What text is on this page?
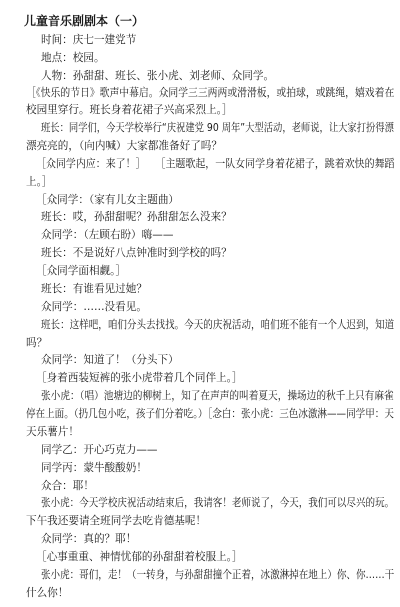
儿童音乐剧剧本（一）
时间：庆七一建党节
地点：校园。
人物：孙甜甜、班长、张小虎、刘老师、众同学。
［《快乐的节日》歌声中幕启。众同学三三两两或滑滑板，或拍球，或跳绳，嬉戏着在
校园里穿行。班长身着花裙子兴高采烈上。］
班长：同学们，今天学校举行“庆祝建党 90 周年”大型活动，老师说，让大家打扮得漂
漂亮亮的，（向内喊）大家都准备好了吗？
［众同学内应：来了！］　　［主题歌起，一队女同学身着花裙子，跳着欢快的舞蹈
上。］
［众同学：（家有儿女主题曲）
班长：哎，孙甜甜呢？孙甜甜怎么没来？
众同学：（左顾右盼）嗨——
班长：不是说好八点钟准时到学校的吗？
［众同学面相觑。］
班长：有谁看见过她？
众同学：……没看见。
班长：这样吧，咱们分头去找找。今天的庆祝活动，咱们班不能有一个人迟到，知道
吗？
众同学：知道了！（分头下）
［身着西装短裤的张小虎带着几个同伴上。］
张小虎：（唱）池塘边的柳树上，知了在声声的叫着夏天，操场边的秋千上只有麻雀
停在上面。（扔几包小吃，孩子们分着吃。）［念白：张小虎：三色冰激淋——同学甲：天
天乐薯片！
同学乙：开心巧克力——
同学丙：蒙牛酸酸奶！
众合：耶！
张小虎：今天学校庆祝活动结束后，我请客！老师说了，今天，我们可以尽兴的玩。
下午我还要请全班同学去吃肯德基呢！
众同学：真的？耶！
［心事重重、神情忧郁的孙甜甜着校服上。］
张小虎：哥们，走！（一转身，与孙甜甜撞个正着，冰激淋掉在地上）你、你……干
什么你！
